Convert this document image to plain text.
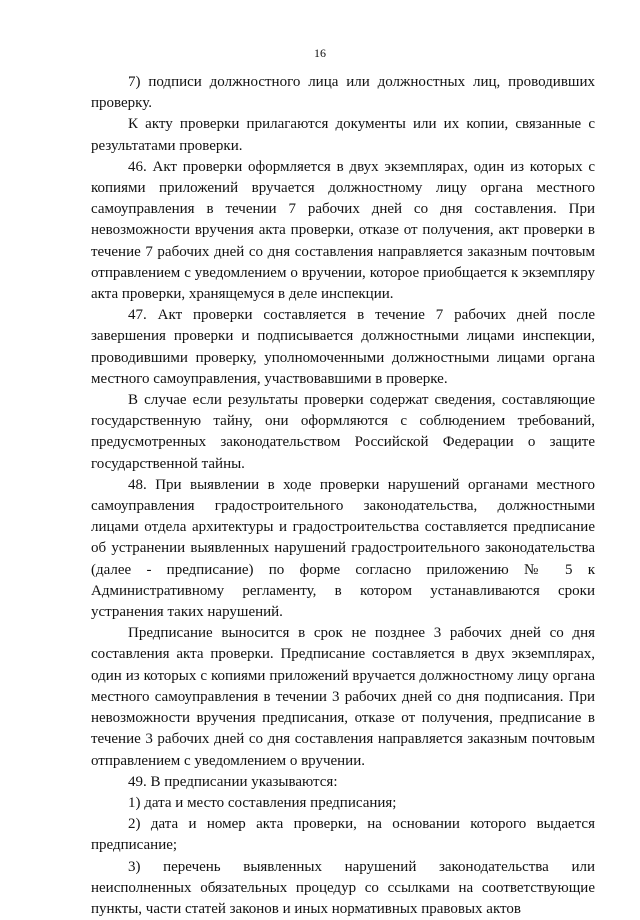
16

7) подписи должностного лица или должностных лиц, проводивших проверку.

К акту проверки прилагаются документы или их копии, связанные с результатами проверки.

46. Акт проверки оформляется в двух экземплярах, один из которых с копиями приложений вручается должностному лицу органа местного самоуправления в течении 7 рабочих дней со дня составления. При невозможности вручения акта проверки, отказе от получения, акт проверки в течение 7 рабочих дней со дня составления направляется заказным почтовым отправлением с уведомлением о вручении, которое приобщается к экземпляру акта проверки, хранящемуся в деле инспекции.

47. Акт проверки составляется в течение 7 рабочих дней после завершения проверки и подписывается должностными лицами инспекции, проводившими проверку, уполномоченными должностными лицами органа местного самоуправления, участвовавшими в проверке.

В случае если результаты проверки содержат сведения, составляющие государственную тайну, они оформляются с соблюдением требований, предусмотренных законодательством Российской Федерации о защите государственной тайны.

48. При выявлении в ходе проверки нарушений органами местного самоуправления градостроительного законодательства, должностными лицами отдела архитектуры и градостроительства составляется предписание об устранении выявленных нарушений градостроительного законодательства (далее - предписание) по форме согласно приложению № 5 к Административному регламенту, в котором устанавливаются сроки устранения таких нарушений.

Предписание выносится в срок не позднее 3 рабочих дней со дня составления акта проверки. Предписание составляется в двух экземплярах, один из которых с копиями приложений вручается должностному лицу органа местного самоуправления в течении 3 рабочих дней со дня подписания. При невозможности вручения предписания, отказе от получения, предписание в течение 3 рабочих дней со дня составления направляется заказным почтовым отправлением с уведомлением о вручении.

49. В предписании указываются:

1) дата и место составления предписания;

2) дата и номер акта проверки, на основании которого выдается предписание;

3) перечень выявленных нарушений законодательства или неисполненных обязательных процедур со ссылками на соответствующие пункты, части статей законов и иных нормативных правовых актов
